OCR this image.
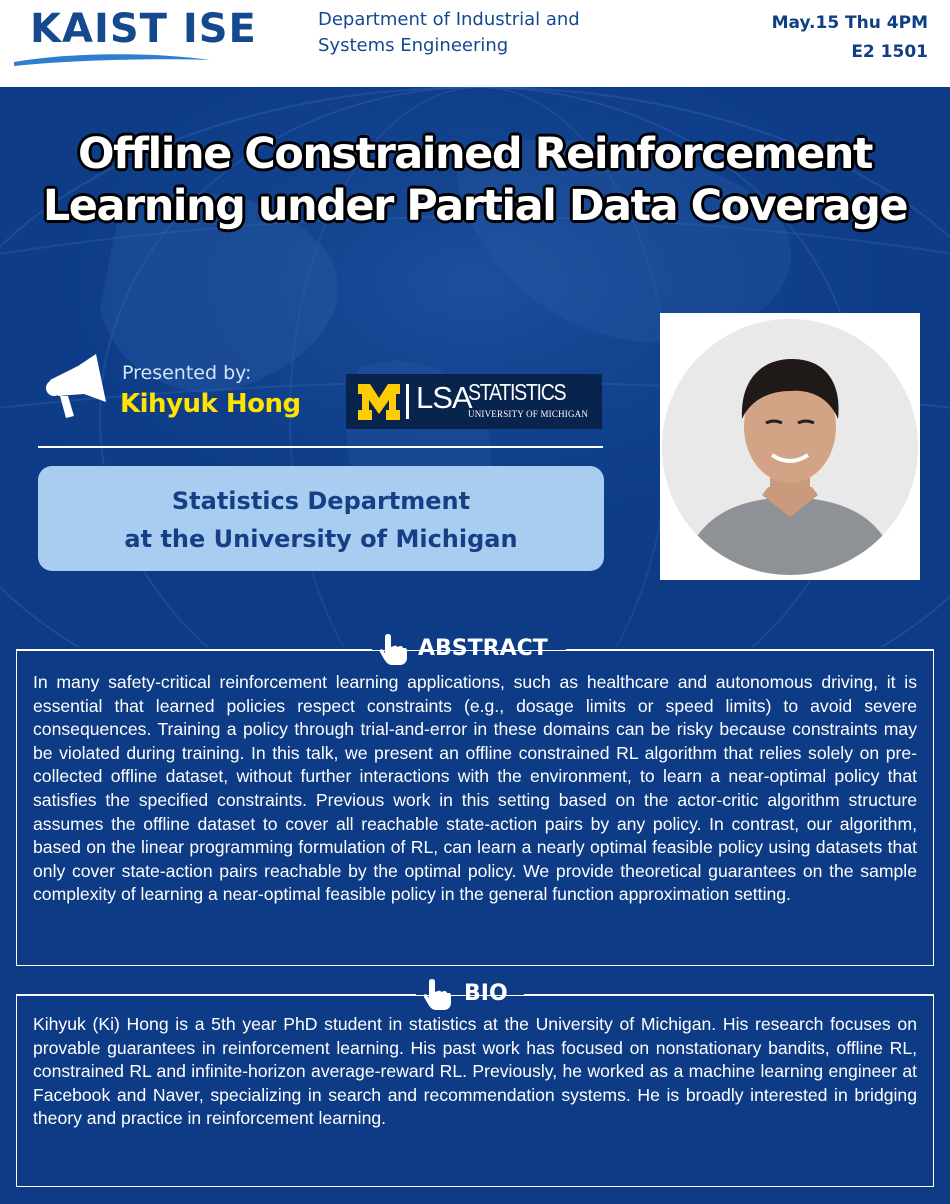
KAIST ISE	Department of Industrial and
Systems Engineering
May.15 Thu 4PM
E2 1501
Offline Constrained Reinforcement
Learning under Partial Data Coverage
Presented by:
Kihyuk Hong	LSA
STATISTICS
UNIVERSITY OF MICHIGAN
Statistics Department
at the University of Michigan
ABSTRACT
In many safety-critical reinforcement learning applications, such as healthcare and autonomous driving, it is essential that learned policies respect constraints (e.g., dosage limits or speed limits) to avoid severe consequences. Training a policy through trial-and-error in these domains can be risky because constraints may be violated during training. In this talk, we present an offline constrained RL algorithm that relies solely on pre-collected offline dataset, without further interactions with the environment, to learn a near-optimal policy that satisfies the specified constraints. Previous work in this setting based on the actor-critic algorithm structure assumes the offline dataset to cover all reachable state-action pairs by any policy. In contrast, our algorithm, based on the linear programming formulation of RL, can learn a nearly optimal feasible policy using datasets that only cover state-action pairs reachable by the optimal policy. We provide theoretical guarantees on the sample complexity of learning a near-optimal feasible policy in the general function approximation setting.
BIO
Kihyuk (Ki) Hong is a 5th year PhD student in statistics at the University of Michigan. His research focuses on provable guarantees in reinforcement learning. His past work has focused on nonstationary bandits, offline RL, constrained RL and infinite-horizon average-reward RL. Previously, he worked as a machine learning engineer at Facebook and Naver, specializing in search and recommendation systems. He is broadly interested in bridging theory and practice in reinforcement learning.
